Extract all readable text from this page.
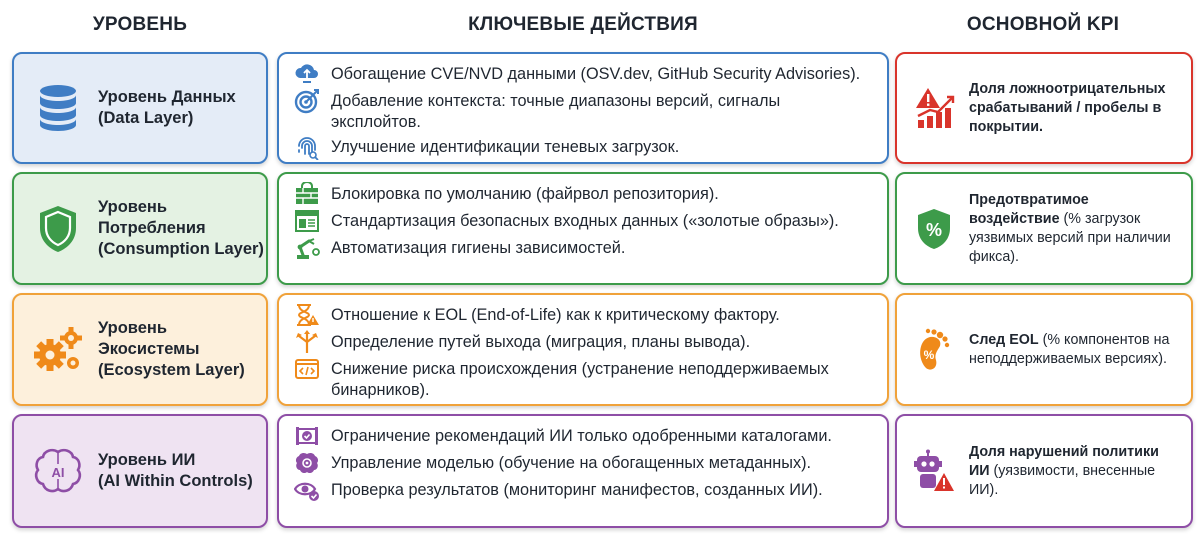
УРОВЕНЬ	КЛЮЧЕВЫЕ ДЕЙСТВИЯ	ОСНОВНОЙ KPI
Уровень Данных
(Data Layer)
Обогащение CVE/NVD данными (OSV.dev, GitHub Security Advisories).
Добавление контекста: точные диапазоны версий, сигналы эксплойтов.
Улучшение идентификации теневых загрузок.
Доля ложноотрицательных срабатываний / пробелы в покрытии.
Уровень
Потребления
(Consumption Layer)
Блокировка по умолчанию (файрвол репозитория).
Стандартизация безопасных входных данных («золотые образы»).
Автоматизация гигиены зависимостей.
%
Предотвратимое воздействие (% загрузок уязвимых версий при наличии фикса).
Уровень
Экосистемы
(Ecosystem Layer)
Отношение к EOL (End-of-Life) как к критическому фактору.
Определение путей выхода (миграция, планы вывода).
Снижение риска происхождения (устранение неподдерживаемых бинарников).
%
След EOL (% компонентов на неподдерживаемых версиях).
AI
Уровень ИИ
(AI Within Controls)
Ограничение рекомендаций ИИ только одобренными каталогами.
Управление моделью (обучение на обогащенных метаданных).
Проверка результатов (мониторинг манифестов, созданных ИИ).
Доля нарушений политики ИИ (уязвимости, внесенные ИИ).
